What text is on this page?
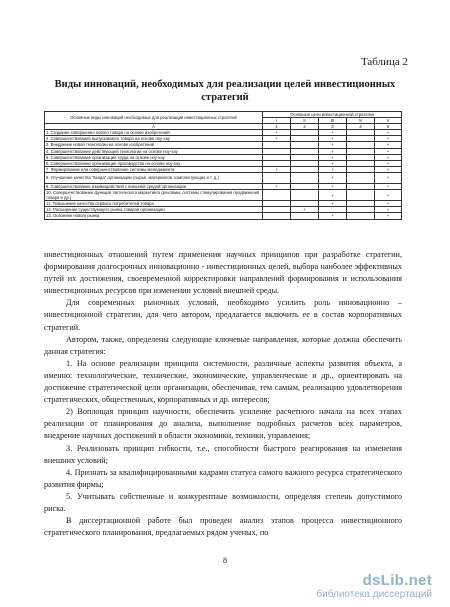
Таблица 2
Виды инноваций, необходимых для реализации целей инвестиционных стратегий
Основные виды инноваций необходимых для реализации инвестиционных стратегий	Основные цели инвестиционной стратегии				
	I	II	III	IV	V
А	1	2	3	4	5
1. Создание совершенно нового товара на основе изобретений	+		+		+
2. Совершенствование выпускаемого товара на основе ноу-хау	+		+		+
3. Внедрение новой технологии на основе изобретений			+		+
4. Совершенствование действующей технологии на основе ноу-хау			+		+
5. Совершенствование организации труда на основе ноу-хау			+		+
6. Совершенствование организации производства на основе ноу-хау			+		+
7. Формирование или совершенствование системы менеджмента	+		+		+
8. Улучшение качества "входа" организации (сырья, материалов, комплектующих и т. д.)			+		+
9. Совершенствование взаимодействия с внешней средой организации	+		+		+
10. Совершенствование функций тактического маркетинга (рекламы, системы стимулирования продвижения товара и др.)			+		+
11. Повышение качества сервиса потребителей товара			+		+
12. Расширение существующего рынка товаров организации		+			+
13. Освоение нового рынка			+		+

инвестиционных отношений путем применения научных принципов при разработке стратегии, формирования долгосрочных инновационно - инвестиционных целей, выбора наиболее эффективных путей их достижения, своевременной корректировки направлений формирования и использования инвестиционных ресурсов при изменении условий внешней среды.

Для современных рыночных условий, необходимо усилить роль инновационно – инвестиционной стратегии, для чего автором, предлагается включить ее в состав корпоративных стратегий.

Автором, также, определены следующие ключевые направления, которые должна обеспечить данная стратегия:

1. На основе реализации принципа системности, различные аспекты развития объекта, а именно: технологические, технические, экономические, управленческие и др., ориентировать на достижение стратегической цели организации, обеспечивая, тем самым, реализацию удовлетворения стратегических, общественных, корпоративных и др. интересов;

2) Воплощая принцип научности, обеспечить усиление расчетного начала на всех этапах реализации от планирования до анализа, выполнение подробных расчетов всех параметров, внедрение научных достижений в области экономики, техники, управления;

3. Реализовать принцип гибкости, т.е., способности быстрого реагирования на изменения внешних условий;

4. Признать за квалифицированными кадрами статуса самого важного ресурса стратегического развития фирмы;

5. Учитывать собственные и конкурентные возможности, определяя степень допустимого риска.

В диссертационной работе был проведен анализ этапов процесса инвестиционного стратегического планирования, предлагаемых рядом ученых, по

8
dsLib.net
библиотека диссертаций
